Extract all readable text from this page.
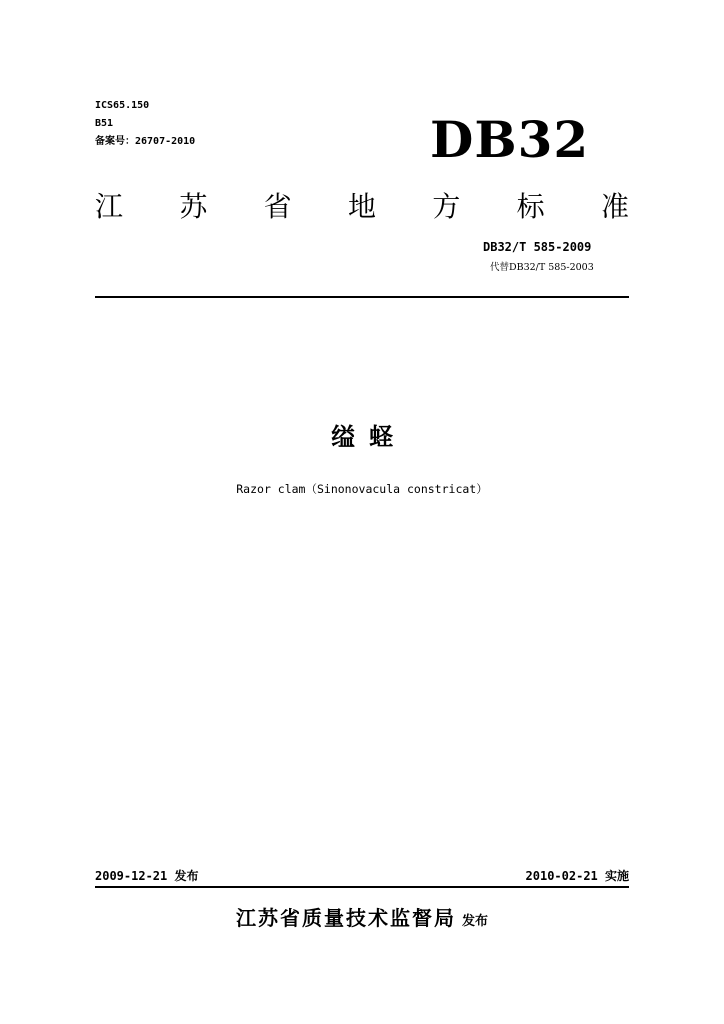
ICS65.150
B51
备案号：26707-2010	DB32
江 苏 省 地 方 标 准
DB32/T 585-2009
代替DB32/T 585-2003
缢蛏
Razor clam（Sinonovacula constricat）
2009-12-21 发布	2010-02-21 实施
江苏省质量技术监督局 发布
